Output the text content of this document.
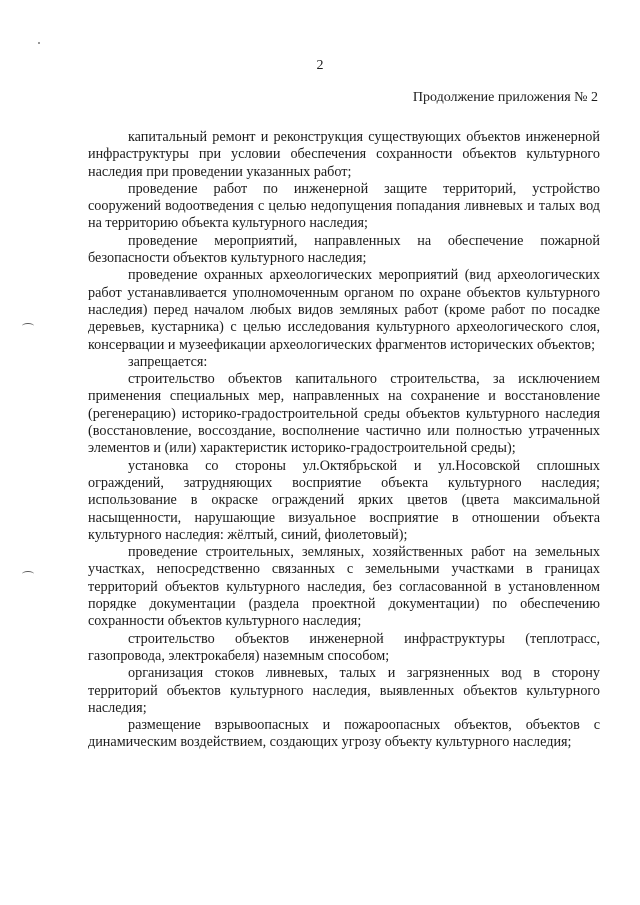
2
Продолжение приложения № 2

капитальный ремонт и реконструкция существующих объектов инженерной инфраструктуры при условии обеспечения сохранности объектов культурного наследия при проведении указанных работ;

проведение работ по инженерной защите территорий, устройство сооружений водоотведения с целью недопущения попадания ливневых и талых вод на территорию объекта культурного наследия;

проведение мероприятий, направленных на обеспечение пожарной безопасности объектов культурного наследия;

проведение охранных археологических мероприятий (вид археологических работ устанавливается уполномоченным органом по охране объектов культурного наследия) перед началом любых видов земляных работ (кроме работ по посадке деревьев, кустарника) с целью исследования культурного археологического слоя, консервации и музеефикации археологических фрагментов исторических объектов;

запрещается:

строительство объектов капитального строительства, за исключением применения специальных мер, направленных на сохранение и восстановление (регенерацию) историко-градостроительной среды объектов культурного наследия (восстановление, воссоздание, восполнение частично или полностью утраченных элементов и (или) характеристик историко-градостроительной среды);

установка со стороны ул.Октябрьской и ул.Носовской сплошных ограждений, затрудняющих восприятие объекта культурного наследия; использование в окраске ограждений ярких цветов (цвета максимальной насыщенности, нарушающие визуальное восприятие в отношении объекта культурного наследия: жёлтый, синий, фиолетовый);

проведение строительных, земляных, хозяйственных работ на земельных участках, непосредственно связанных с земельными участками в границах территорий объектов культурного наследия, без согласованной в установленном порядке документации (раздела проектной документации) по обеспечению сохранности объектов культурного наследия;

строительство объектов инженерной инфраструктуры (теплотрасс, газопровода, электрокабеля) наземным способом;

организация стоков ливневых, талых и загрязненных вод в сторону территорий объектов культурного наследия, выявленных объектов культурного наследия;

размещение взрывоопасных и пожароопасных объектов, объектов с динамическим воздействием, создающих угрозу объекту культурного наследия;
